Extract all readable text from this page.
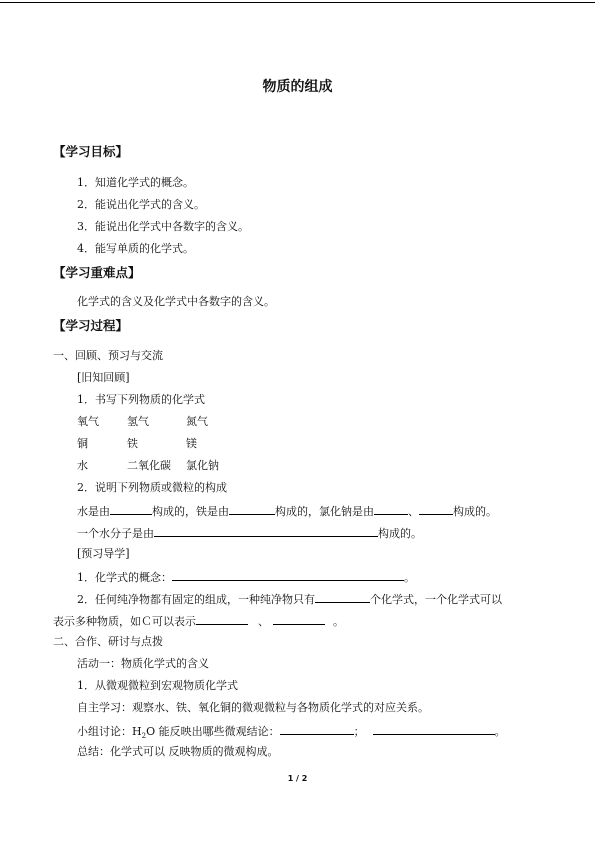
物质的组成
【学习目标】
1．知道化学式的概念。
2．能说出化学式的含义。
3．能说出化学式中各数字的含义。
4．能写单质的化学式。
【学习重难点】
化学式的含义及化学式中各数字的含义。
【学习过程】
一、回顾、预习与交流
[旧知回顾]
1．书写下列物质的化学式
氧气	氢气	氮气
铜	铁	镁
水	二氧化碳 氯化钠
2．说明下列物质或微粒的构成
水是由	构成的，铁是由	构成的，氯化钠是由	、	构成的。
一个水分子是由	构成的。
[预习导学]
1．化学式的概念：	。
2．任何纯净物都有固定的组成，一种纯净物只有	个化学式，一个化学式可以
表示多种物质，如Ｃ可以表示	、	。
二、合作、研讨与点拨
活动一：物质化学式的含义
1．从微观微粒到宏观物质化学式
自主学习：观察水、铁、氧化铜的微观微粒与各物质化学式的对应关系。
小组讨论：$H_2O$ 能反映出哪些微观结论：	；	。
总结：化学式可以 反映物质的微观构成。
1 / 2
